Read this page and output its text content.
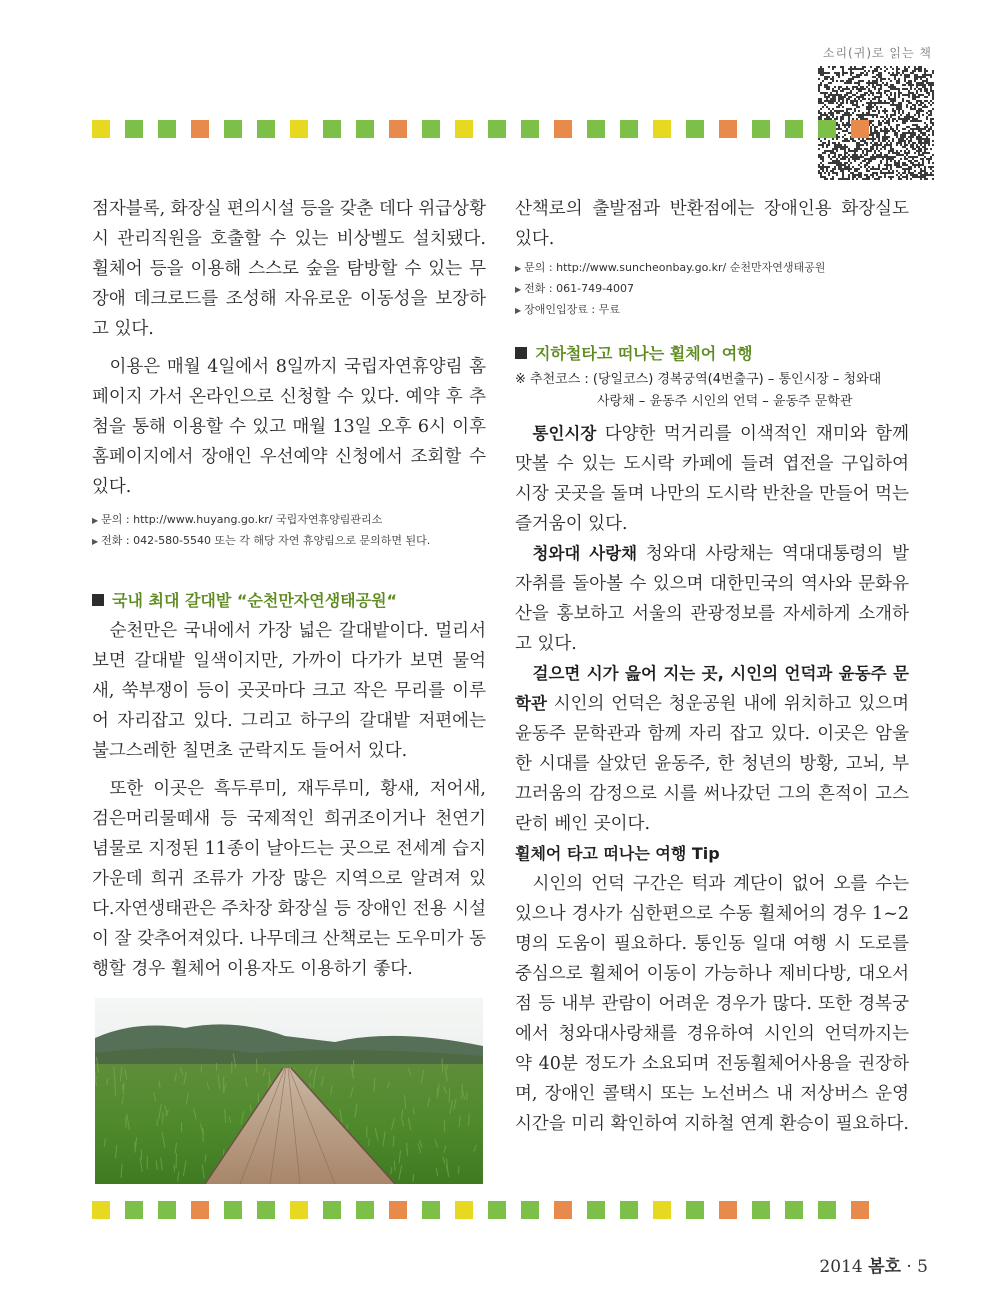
소리(귀)로 읽는 책

점자블록, 화장실 편의시설 등을 갖춘 데다 위급상황시 관리직원을 호출할 수 있는 비상벨도 설치됐다. 휠체어 등을 이용해 스스로 숲을 탐방할 수 있는 무장애 데크로드를 조성해 자유로운 이동성을 보장하고 있다.

이용은 매월 4일에서 8일까지 국립자연휴양림 홈페이지 가서 온라인으로 신청할 수 있다. 예약 후 추첨을 통해 이용할 수 있고 매월 13일 오후 6시 이후 홈페이지에서 장애인 우선예약 신청에서 조회할 수 있다.

▶ 문의 : http://www.huyang.go.kr/ 국립자연휴양림관리소

▶ 전화 : 042-580-5540 또는 각 해당 자연 휴양림으로 문의하면 된다.

국내 최대 갈대밭 “순천만자연생태공원“

순천만은 국내에서 가장 넓은 갈대밭이다. 멀리서 보면 갈대밭 일색이지만, 가까이 다가가 보면 물억새, 쑥부쟁이 등이 곳곳마다 크고 작은 무리를 이루어 자리잡고 있다. 그리고 하구의 갈대밭 저편에는 불그스레한 칠면초 군락지도 들어서 있다.

또한 이곳은 흑두루미, 재두루미, 황새, 저어새, 검은머리물떼새 등 국제적인 희귀조이거나 천연기념물로 지정된 11종이 날아드는 곳으로 전세계 습지 가운데 희귀 조류가 가장 많은 지역으로 알려져 있다.자연생태관은 주차장 화장실 등 장애인 전용 시설이 잘 갖추어져있다. 나무데크 산책로는 도우미가 동행할 경우 휠체어 이용자도 이용하기 좋다.

산책로의 출발점과 반환점에는 장애인용 화장실도 있다.

▶ 문의 : http://www.suncheonbay.go.kr/ 순천만자연생태공원

▶ 전화 : 061-749-4007

▶ 장애인입장료 : 무료

지하철타고 떠나는 휠체어 여행

※ 추천코스 : (당일코스) 경복궁역(4번출구) – 통인시장 – 청와대

사랑채 – 윤동주 시인의 언덕 – 윤동주 문학관

통인시장 다양한 먹거리를 이색적인 재미와 함께 맛볼 수 있는 도시락 카페에 들려 엽전을 구입하여 시장 곳곳을 돌며 나만의 도시락 반찬을 만들어 먹는 즐거움이 있다.

청와대 사랑채 청와대 사랑채는 역대대통령의 발자취를 돌아볼 수 있으며 대한민국의 역사와 문화유산을 홍보하고 서울의 관광정보를 자세하게 소개하고 있다.

걸으면 시가 읊어 지는 곳, 시인의 언덕과 윤동주 문학관 시인의 언덕은 청운공원 내에 위치하고 있으며 윤동주 문학관과 함께 자리 잡고 있다. 이곳은 암울한 시대를 살았던 윤동주, 한 청년의 방황, 고뇌, 부끄러움의 감정으로 시를 써나갔던 그의 흔적이 고스란히 베인 곳이다.

휠체어 타고 떠나는 여행 Tip

시인의 언덕 구간은 턱과 계단이 없어 오를 수는 있으나 경사가 심한편으로 수동 휠체어의 경우 1~2명의 도움이 필요하다. 통인동 일대 여행 시 도로를 중심으로 휠체어 이동이 가능하나 제비다방, 대오서점 등 내부 관람이 어려운 경우가 많다. 또한 경복궁에서 청와대사랑채를 경유하여 시인의 언덕까지는 약 40분 정도가 소요되며 전동휠체어사용을 권장하며, 장애인 콜택시 또는 노선버스 내 저상버스 운영시간을 미리 확인하여 지하철 연계 환승이 필요하다.

2014 봄호 · 5
